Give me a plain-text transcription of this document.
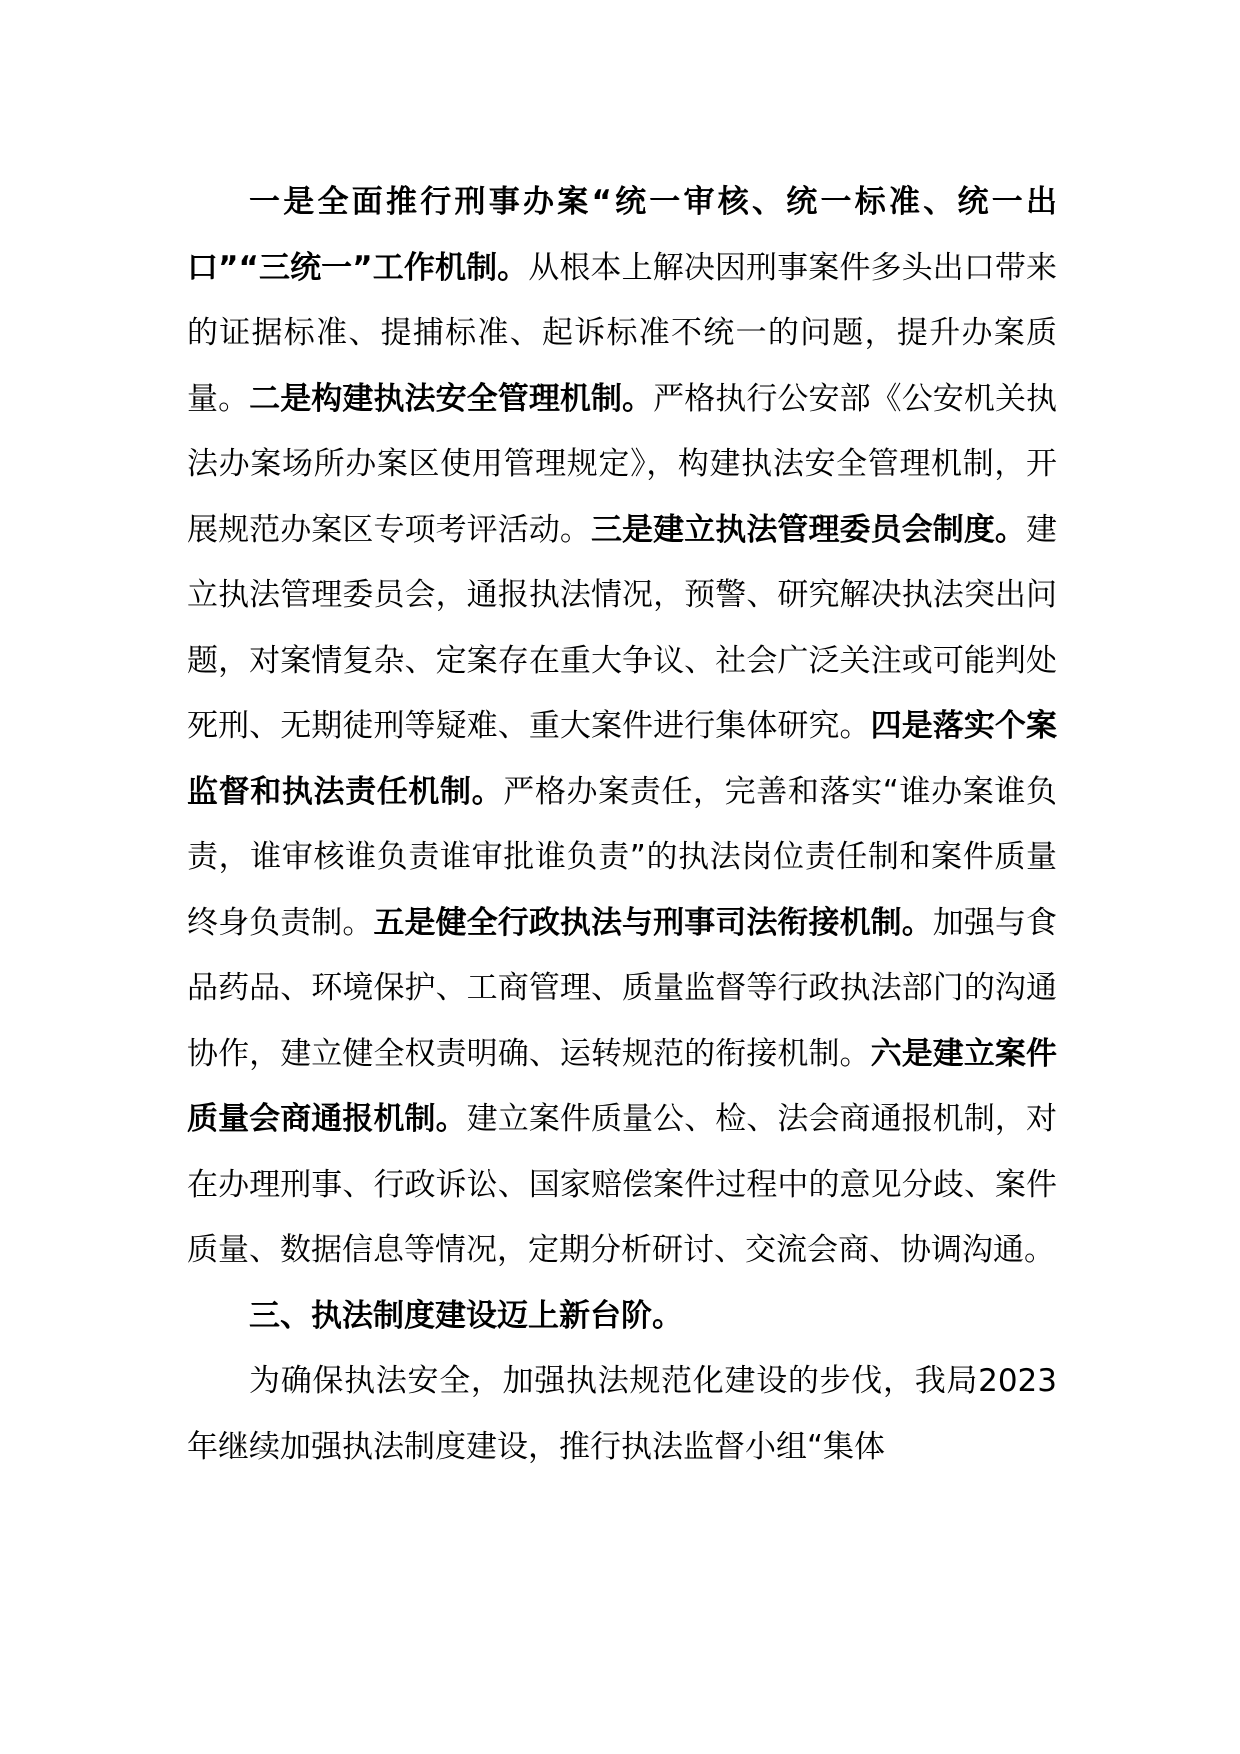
一是全面推行刑事办案“统一审核、统一标准、统一出口”“三统一”工作机制。从根本上解决因刑事案件多头出口带来的证据标准、提捕标准、起诉标准不统一的问题，提升办案质量。二是构建执法安全管理机制。严格执行公安部《公安机关执法办案场所办案区使用管理规定》，构建执法安全管理机制，开展规范办案区专项考评活动。三是建立执法管理委员会制度。建立执法管理委员会，通报执法情况，预警、研究解决执法突出问题，对案情复杂、定案存在重大争议、社会广泛关注或可能判处死刑、无期徒刑等疑难、重大案件进行集体研究。四是落实个案监督和执法责任机制。严格办案责任，完善和落实“谁办案谁负责，谁审核谁负责谁审批谁负责”的执法岗位责任制和案件质量终身负责制。五是健全行政执法与刑事司法衔接机制。加强与食品药品、环境保护、工商管理、质量监督等行政执法部门的沟通协作，建立健全权责明确、运转规范的衔接机制。六是建立案件质量会商通报机制。建立案件质量公、检、法会商通报机制，对在办理刑事、行政诉讼、国家赔偿案件过程中的意见分歧、案件质量、数据信息等情况，定期分析研讨、交流会商、协调沟通。

三、执法制度建设迈上新台阶。

为确保执法安全，加强执法规范化建设的步伐，我局2023年继续加强执法制度建设，推行执法监督小组“集体
